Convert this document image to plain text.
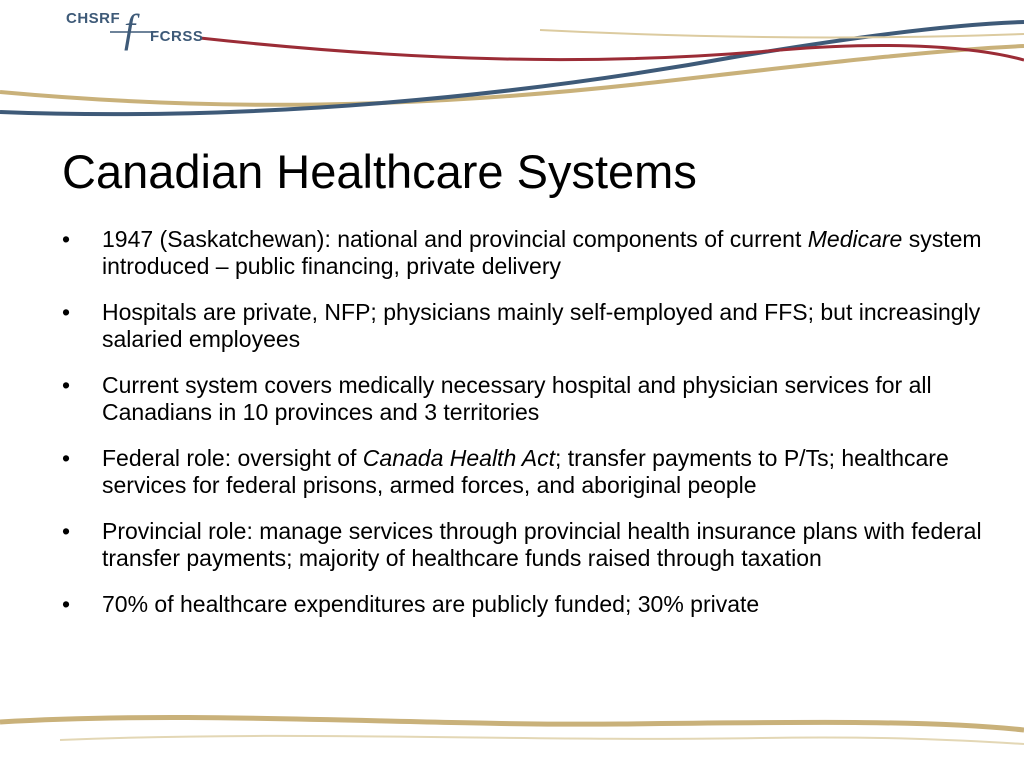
CHSRF f FCRSS
Canadian Healthcare Systems
• 1947 (Saskatchewan): national and provincial components of current Medicare system introduced – public financing, private delivery
• Hospitals are private, NFP; physicians mainly self-employed and FFS; but increasingly salaried employees
• Current system covers medically necessary hospital and physician services for all Canadians in 10 provinces and 3 territories
• Federal role: oversight of Canada Health Act; transfer payments to P/Ts; healthcare services for federal prisons, armed forces, and aboriginal people
• Provincial role: manage services through provincial health insurance plans with federal transfer payments; majority of healthcare funds raised through taxation
• 70% of healthcare expenditures are publicly funded; 30% private
